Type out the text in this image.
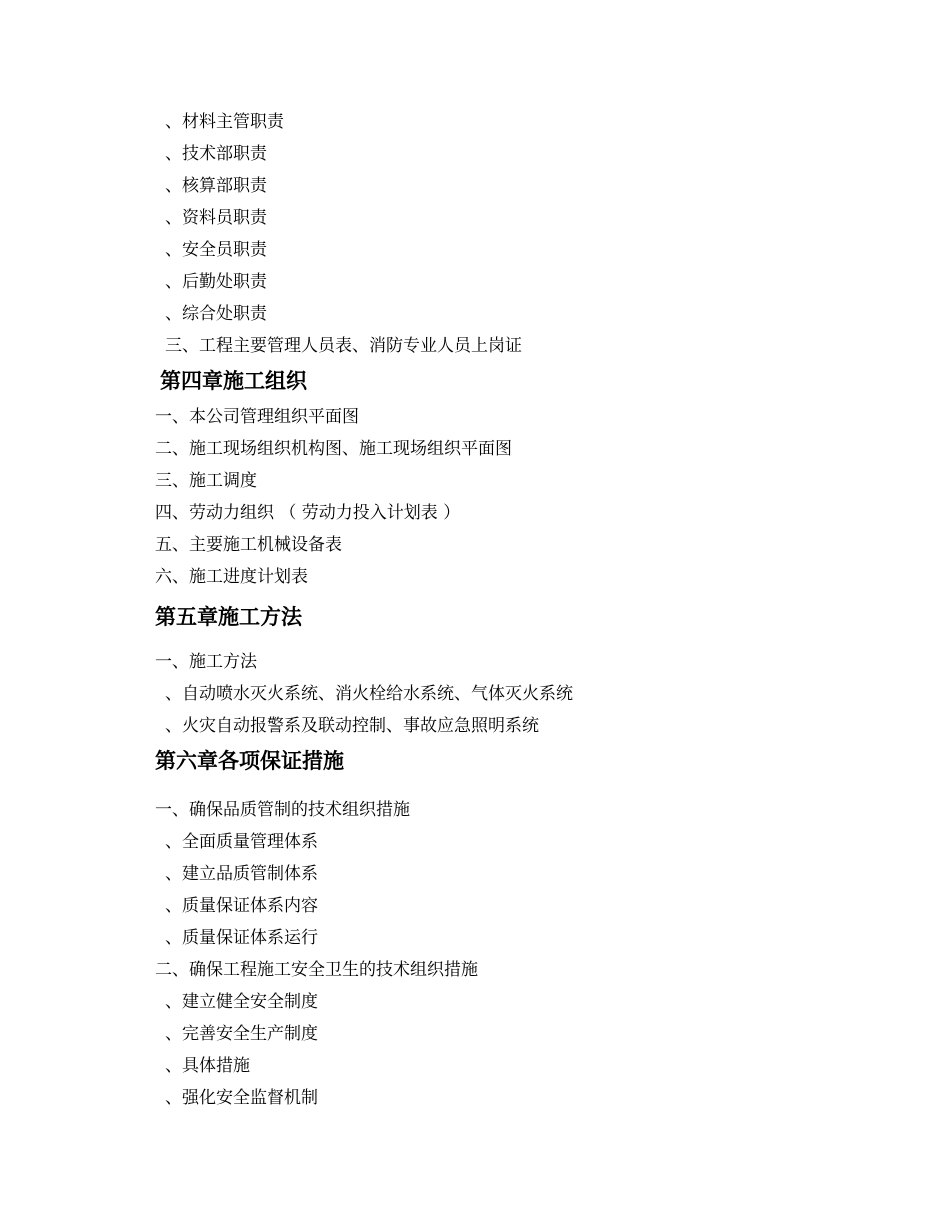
、材料主管职责
、技术部职责
、核算部职责
、资料员职责
、安全员职责
、后勤处职责
、综合处职责
三、工程主要管理人员表、消防专业人员上岗证
第四章施工组织
一、本公司管理组织平面图
二、施工现场组织机构图、施工现场组织平面图
三、施工调度
四、劳动力组织 （ 劳动力投入计划表 ）
五、主要施工机械设备表
六、施工进度计划表
第五章施工方法
一、施工方法
、自动喷水灭火系统、消火栓给水系统、气体灭火系统
、火灾自动报警系及联动控制、事故应急照明系统
第六章各项保证措施
一、确保品质管制的技术组织措施
、全面质量管理体系
、建立品质管制体系
、质量保证体系内容
、质量保证体系运行
二、确保工程施工安全卫生的技术组织措施
、建立健全安全制度
、完善安全生产制度
、具体措施
、强化安全监督机制
